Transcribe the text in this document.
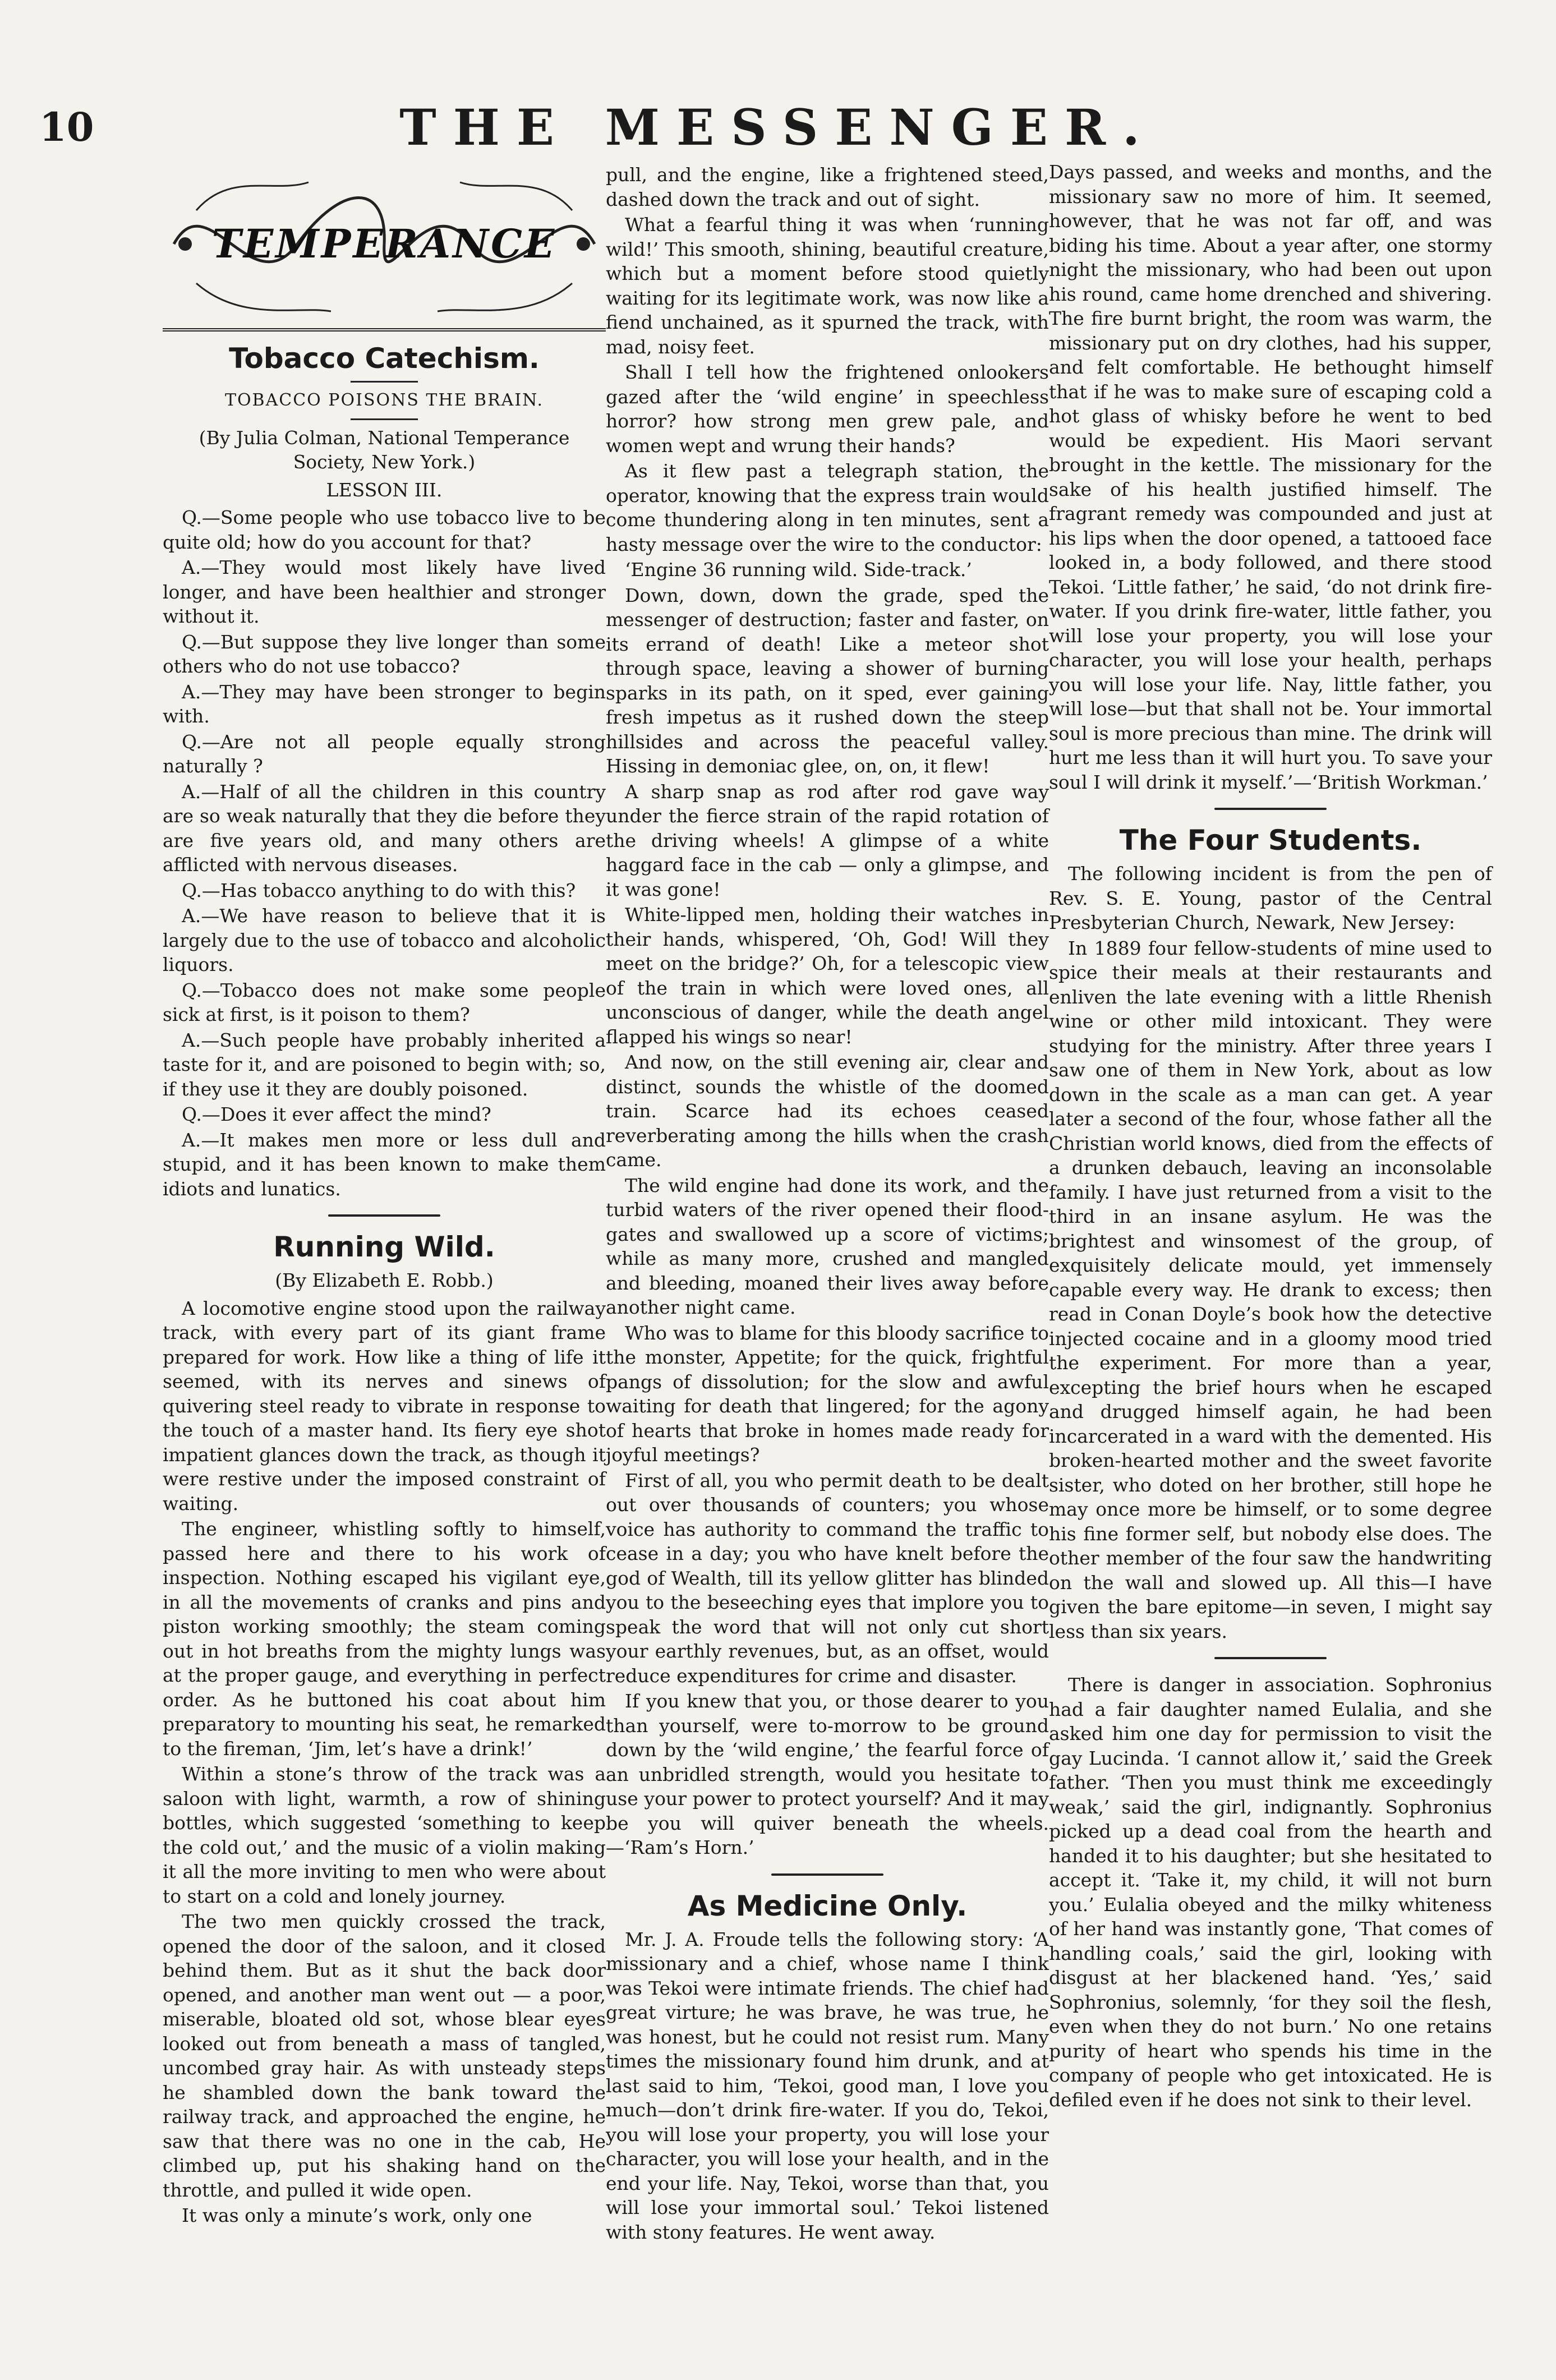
10	THE MESSENGER.
TEMPERANCE
Tobacco Catechism.
TOBACCO POISONS THE BRAIN.
(By Julia Colman, National Temperance Society, New York.)
LESSON III.

Q.—Some people who use tobacco live to be quite old; how do you account for that?

A.—They would most likely have lived longer, and have been healthier and stronger without it.

Q.—But suppose they live longer than some others who do not use tobacco?

A.—They may have been stronger to begin with.

Q.—Are not all people equally strong naturally ?

A.—Half of all the children in this country are so weak naturally that they die before they are five years old, and many others are afflicted with nervous diseases.

Q.—Has tobacco anything to do with this?

A.—We have reason to believe that it is largely due to the use of tobacco and alcoholic liquors.

Q.—Tobacco does not make some people sick at first, is it poison to them?

A.—Such people have probably inherited a taste for it, and are poisoned to begin with; so, if they use it they are doubly poisoned.

Q.—Does it ever affect the mind?

A.—It makes men more or less dull and stupid, and it has been known to make them idiots and lunatics.

Running Wild.
(By Elizabeth E. Robb.)

A locomotive engine stood upon the railway track, with every part of its giant frame prepared for work. How like a thing of life it seemed, with its nerves and sinews of quivering steel ready to vibrate in response to the touch of a master hand. Its fiery eye shot impatient glances down the track, as though it were restive under the imposed constraint of waiting.

The engineer, whistling softly to himself, passed here and there to his work of inspection. Nothing escaped his vigilant eye, in all the movements of cranks and pins and piston working smoothly; the steam coming out in hot breaths from the mighty lungs was at the proper gauge, and everything in perfect order. As he buttoned his coat about him preparatory to mounting his seat, he remarked to the fireman, ‘Jim, let’s have a drink!’

Within a stone’s throw of the track was a saloon with light, warmth, a row of shining bottles, which suggested ‘something to keep the cold out,’ and the music of a violin making it all the more inviting to men who were about to start on a cold and lonely journey.

The two men quickly crossed the track, opened the door of the saloon, and it closed behind them. But as it shut the back door opened, and another man went out — a poor, miserable, bloated old sot, whose blear eyes looked out from beneath a mass of tangled, uncombed gray hair. As with unsteady steps he shambled down the bank toward the railway track, and approached the engine, he saw that there was no one in the cab, He climbed up, put his shaking hand on the throttle, and pulled it wide open.

It was only a minute’s work, only one

pull, and the engine, like a frightened steed, dashed down the track and out of sight.

What a fearful thing it was when ‘running wild!’ This smooth, shining, beautiful creature, which but a moment before stood quietly waiting for its legitimate work, was now like a fiend unchained, as it spurned the track, with mad, noisy feet.

Shall I tell how the frightened onlookers gazed after the ‘wild engine’ in speechless horror? how strong men grew pale, and women wept and wrung their hands?

As it flew past a telegraph station, the operator, knowing that the express train would come thundering along in ten minutes, sent a hasty message over the wire to the conductor:

‘Engine 36 running wild. Side-track.’

Down, down, down the grade, sped the messenger of destruction; faster and faster, on its errand of death! Like a meteor shot through space, leaving a shower of burning sparks in its path, on it sped, ever gaining fresh impetus as it rushed down the steep hillsides and across the peaceful valley. Hissing in demoniac glee, on, on, it flew!

A sharp snap as rod after rod gave way under the fierce strain of the rapid rotation of the driving wheels! A glimpse of a white haggard face in the cab — only a glimpse, and it was gone!

White-lipped men, holding their watches in their hands, whispered, ‘Oh, God! Will they meet on the bridge?’ Oh, for a telescopic view of the train in which were loved ones, all unconscious of danger, while the death angel flapped his wings so near!

And now, on the still evening air, clear and distinct, sounds the whistle of the doomed train. Scarce had its echoes ceased reverberating among the hills when the crash came.

The wild engine had done its work, and the turbid waters of the river opened their flood-gates and swallowed up a score of victims; while as many more, crushed and mangled and bleeding, moaned their lives away before another night came.

Who was to blame for this bloody sacrifice to the monster, Appetite; for the quick, frightful pangs of dissolution; for the slow and awful waiting for death that lingered; for the agony of hearts that broke in homes made ready for joyful meetings?

First of all, you who permit death to be dealt out over thousands of counters; you whose voice has authority to command the traffic to cease in a day; you who have knelt before the god of Wealth, till its yellow glitter has blinded you to the beseeching eyes that implore you to speak the word that will not only cut short your earthly revenues, but, as an offset, would reduce expenditures for crime and disaster.

If you knew that you, or those dearer to you than yourself, were to-morrow to be ground down by the ‘wild engine,’ the fearful force of an unbridled strength, would you hesitate to use your power to protect yourself? And it may be you will quiver beneath the wheels.—‘Ram’s Horn.’

As Medicine Only.

Mr. J. A. Froude tells the following story: ‘A missionary and a chief, whose name I think was Tekoi were intimate friends. The chief had great virture; he was brave, he was true, he was honest, but he could not resist rum. Many times the missionary found him drunk, and at last said to him, ‘Tekoi, good man, I love you much—don’t drink fire-water. If you do, Tekoi, you will lose your property, you will lose your character, you will lose your health, and in the end your life. Nay, Tekoi, worse than that, you will lose your immortal soul.’ Tekoi listened with stony features. He went away.

Days passed, and weeks and months, and the missionary saw no more of him. It seemed, however, that he was not far off, and was biding his time. About a year after, one stormy night the missionary, who had been out upon his round, came home drenched and shivering. The fire burnt bright, the room was warm, the missionary put on dry clothes, had his supper, and felt comfortable. He bethought himself that if he was to make sure of escaping cold a hot glass of whisky before he went to bed would be expedient. His Maori servant brought in the kettle. The missionary for the sake of his health justified himself. The fragrant remedy was compounded and just at his lips when the door opened, a tattooed face looked in, a body followed, and there stood Tekoi. ‘Little father,’ he said, ‘do not drink fire-water. If you drink fire-water, little father, you will lose your property, you will lose your character, you will lose your health, perhaps you will lose your life. Nay, little father, you will lose—but that shall not be. Your immortal soul is more precious than mine. The drink will hurt me less than it will hurt you. To save your soul I will drink it myself.’—‘British Workman.’

The Four Students.

The following incident is from the pen of Rev. S. E. Young, pastor of the Central Presbyterian Church, Newark, New Jersey:

In 1889 four fellow-students of mine used to spice their meals at their restaurants and enliven the late evening with a little Rhenish wine or other mild intoxicant. They were studying for the ministry. After three years I saw one of them in New York, about as low down in the scale as a man can get. A year later a second of the four, whose father all the Christian world knows, died from the effects of a drunken debauch, leaving an inconsolable family. I have just returned from a visit to the third in an insane asylum. He was the brightest and winsomest of the group, of exquisitely delicate mould, yet immensely capable every way. He drank to excess; then read in Conan Doyle’s book how the detective injected cocaine and in a gloomy mood tried the experiment. For more than a year, excepting the brief hours when he escaped and drugged himself again, he had been incarcerated in a ward with the demented. His broken-hearted mother and the sweet favorite sister, who doted on her brother, still hope he may once more be himself, or to some degree his fine former self, but nobody else does. The other member of the four saw the handwriting on the wall and slowed up. All this—I have given the bare epitome—in seven, I might say less than six years.

There is danger in association. Sophronius had a fair daughter named Eulalia, and she asked him one day for permission to visit the gay Lucinda. ‘I cannot allow it,’ said the Greek father. ‘Then you must think me exceedingly weak,’ said the girl, indignantly. Sophronius picked up a dead coal from the hearth and handed it to his daughter; but she hesitated to accept it. ‘Take it, my child, it will not burn you.’ Eulalia obeyed and the milky whiteness of her hand was instantly gone, ‘That comes of handling coals,’ said the girl, looking with disgust at her blackened hand. ‘Yes,’ said Sophronius, solemnly, ‘for they soil the flesh, even when they do not burn.’ No one retains purity of heart who spends his time in the company of people who get intoxicated. He is defiled even if he does not sink to their level.
